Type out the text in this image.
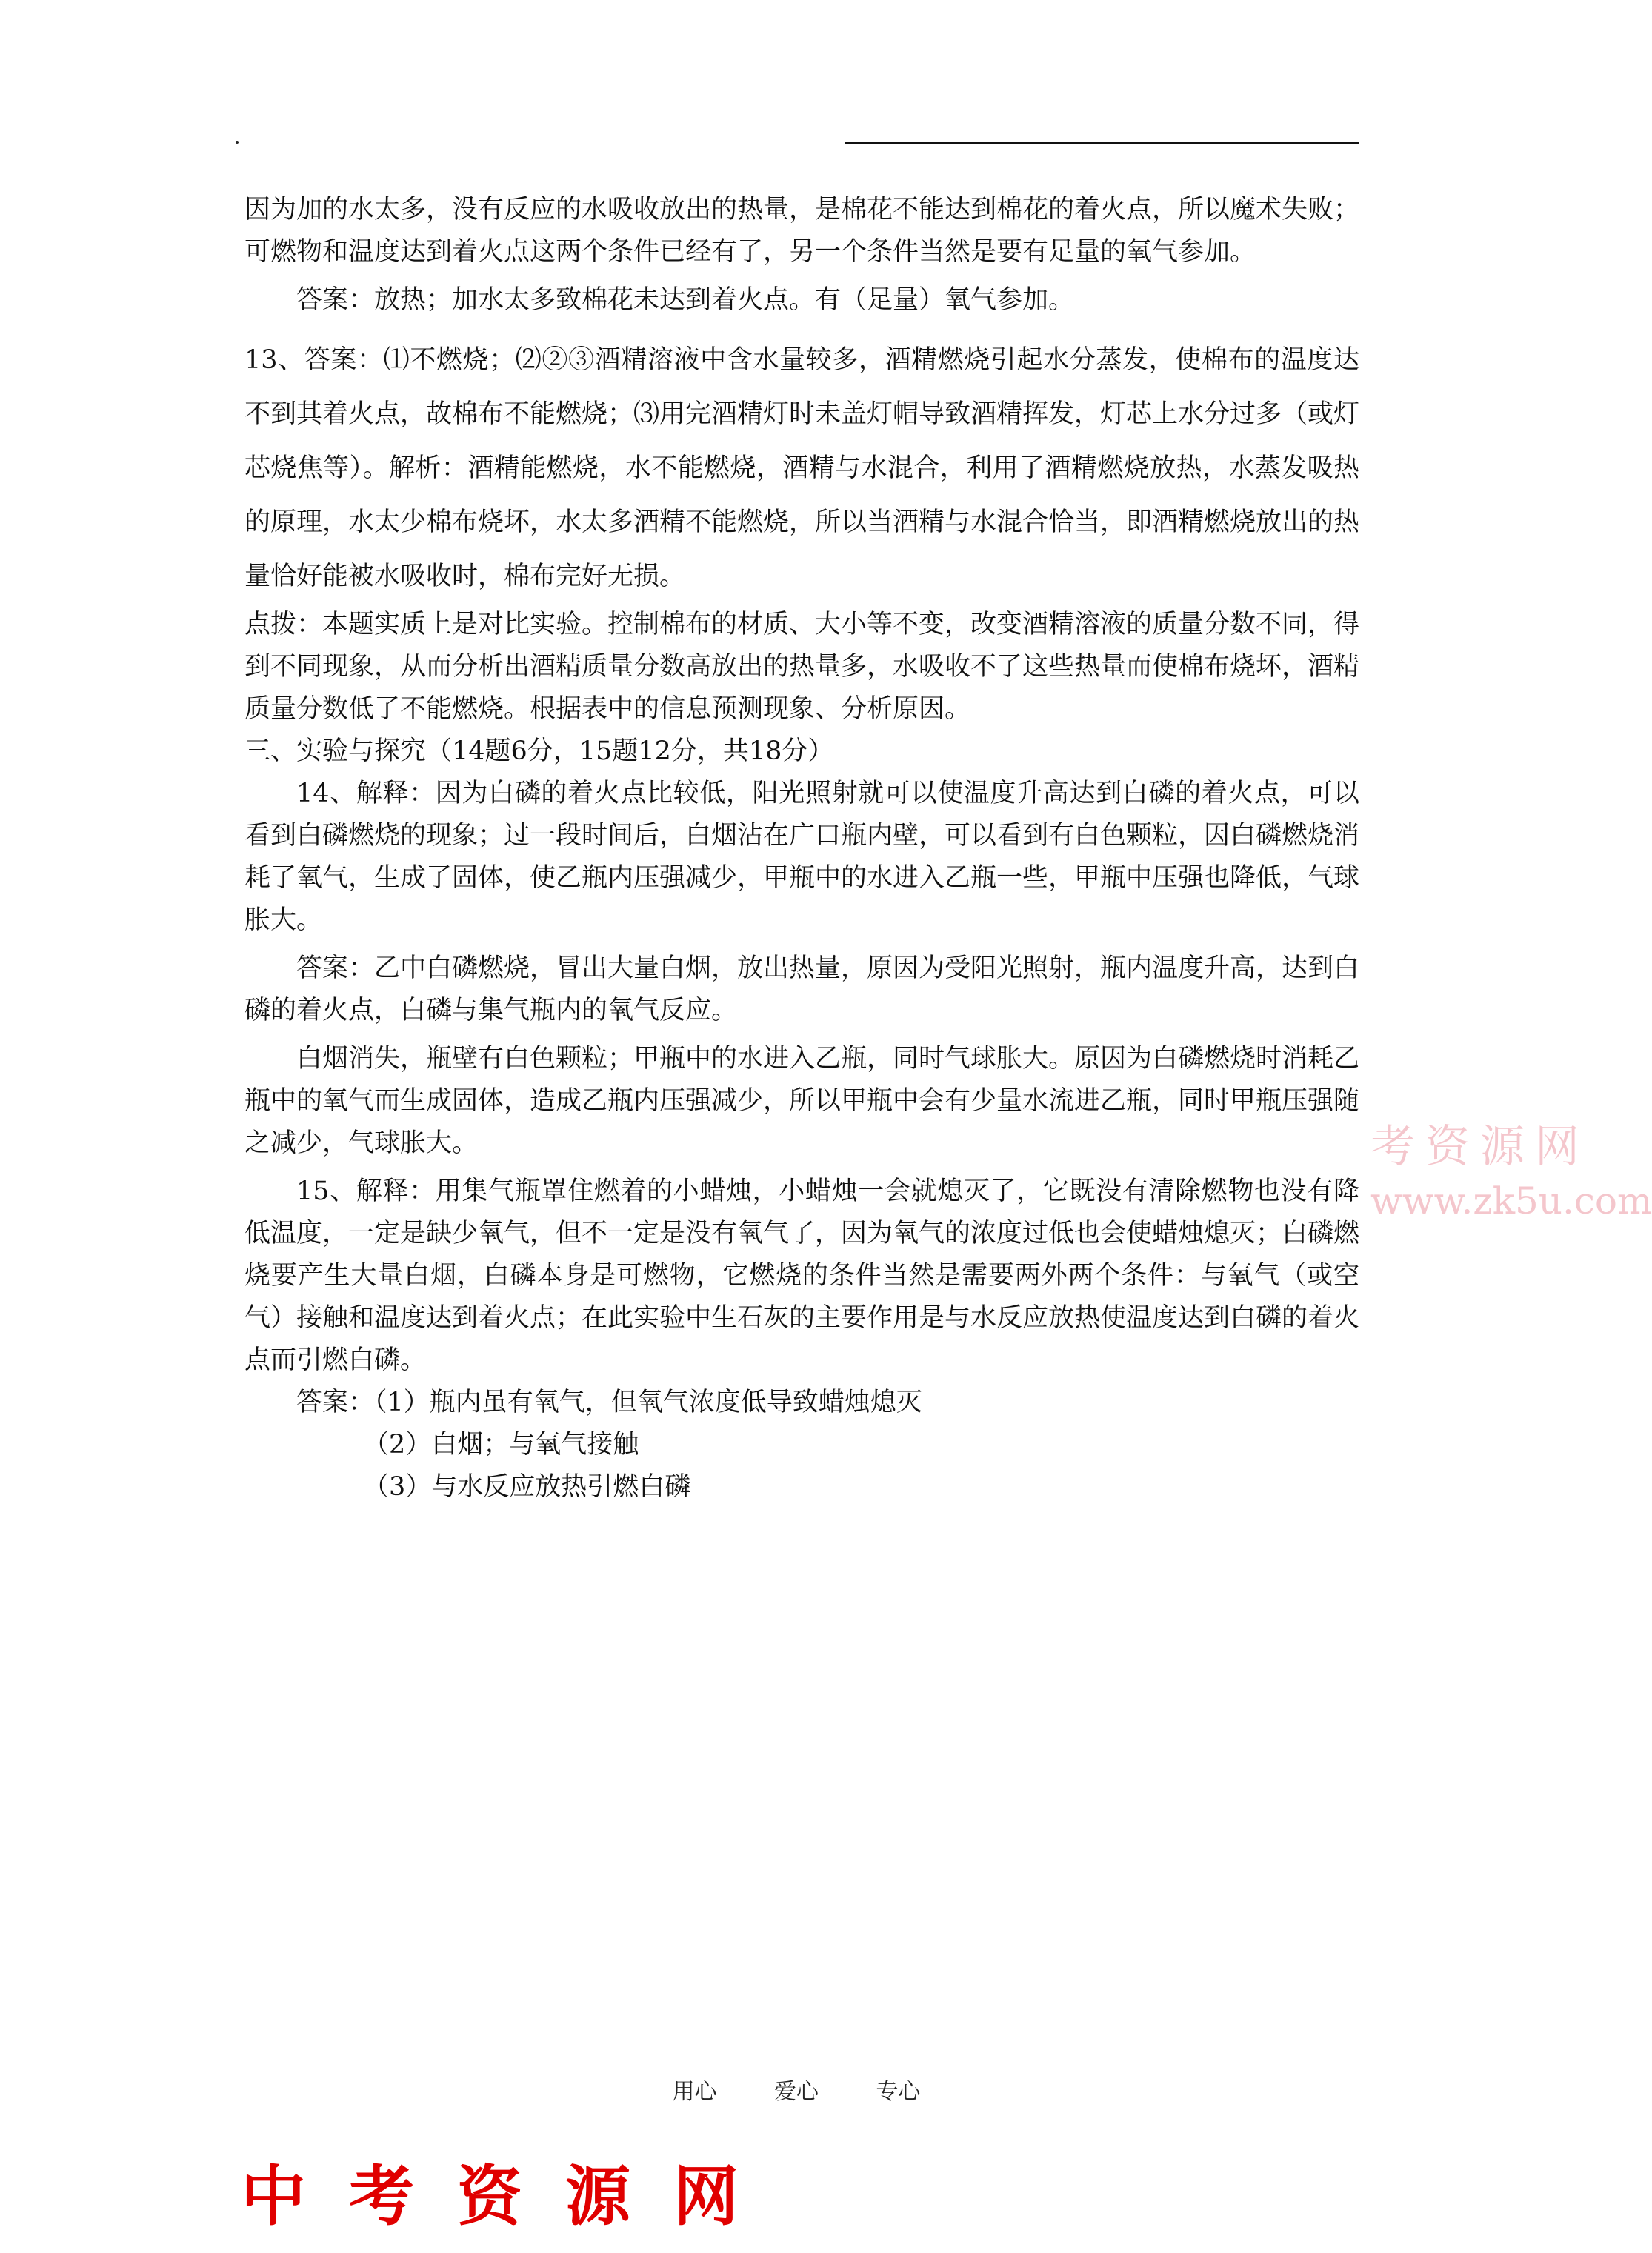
因为加的水太多，没有反应的水吸收放出的热量，是棉花不能达到棉花的着火点，所以魔术失败；可燃物和温度达到着火点这两个条件已经有了，另一个条件当然是要有足量的氧气参加。

答案：放热；加水太多致棉花未达到着火点。有（足量）氧气参加。

13、答案：⑴不燃烧；⑵②③酒精溶液中含水量较多，酒精燃烧引起水分蒸发，使棉布的温度达不到其着火点，故棉布不能燃烧；⑶用完酒精灯时未盖灯帽导致酒精挥发，灯芯上水分过多（或灯芯烧焦等）。解析：酒精能燃烧，水不能燃烧，酒精与水混合，利用了酒精燃烧放热，水蒸发吸热的原理，水太少棉布烧坏，水太多酒精不能燃烧，所以当酒精与水混合恰当，即酒精燃烧放出的热量恰好能被水吸收时，棉布完好无损。

点拨：本题实质上是对比实验。控制棉布的材质、大小等不变，改变酒精溶液的质量分数不同，得到不同现象，从而分析出酒精质量分数高放出的热量多，水吸收不了这些热量而使棉布烧坏，酒精质量分数低了不能燃烧。根据表中的信息预测现象、分析原因。

三、实验与探究（14题6分，15题12分，共18分）

14、解释：因为白磷的着火点比较低，阳光照射就可以使温度升高达到白磷的着火点，可以看到白磷燃烧的现象；过一段时间后，白烟沾在广口瓶内壁，可以看到有白色颗粒，因白磷燃烧消耗了氧气，生成了固体，使乙瓶内压强减少，甲瓶中的水进入乙瓶一些，甲瓶中压强也降低，气球胀大。

答案：乙中白磷燃烧，冒出大量白烟，放出热量，原因为受阳光照射，瓶内温度升高，达到白磷的着火点，白磷与集气瓶内的氧气反应。

白烟消失，瓶壁有白色颗粒；甲瓶中的水进入乙瓶，同时气球胀大。原因为白磷燃烧时消耗乙瓶中的氧气而生成固体，造成乙瓶内压强减少，所以甲瓶中会有少量水流进乙瓶，同时甲瓶压强随之减少，气球胀大。

15、解释：用集气瓶罩住燃着的小蜡烛，小蜡烛一会就熄灭了，它既没有清除燃物也没有降低温度，一定是缺少氧气，但不一定是没有氧气了，因为氧气的浓度过低也会使蜡烛熄灭；白磷燃烧要产生大量白烟，白磷本身是可燃物，它燃烧的条件当然是需要两外两个条件：与氧气（或空气）接触和温度达到着火点；在此实验中生石灰的主要作用是与水反应放热使温度达到白磷的着火点而引燃白磷。

答案：（1）瓶内虽有氧气，但氧气浓度低导致蜡烛熄灭

（2）白烟；与氧气接触

（3）与水反应放热引燃白磷

考资源网
www.zk5u.com
用心	爱心	专心
中考资源网
